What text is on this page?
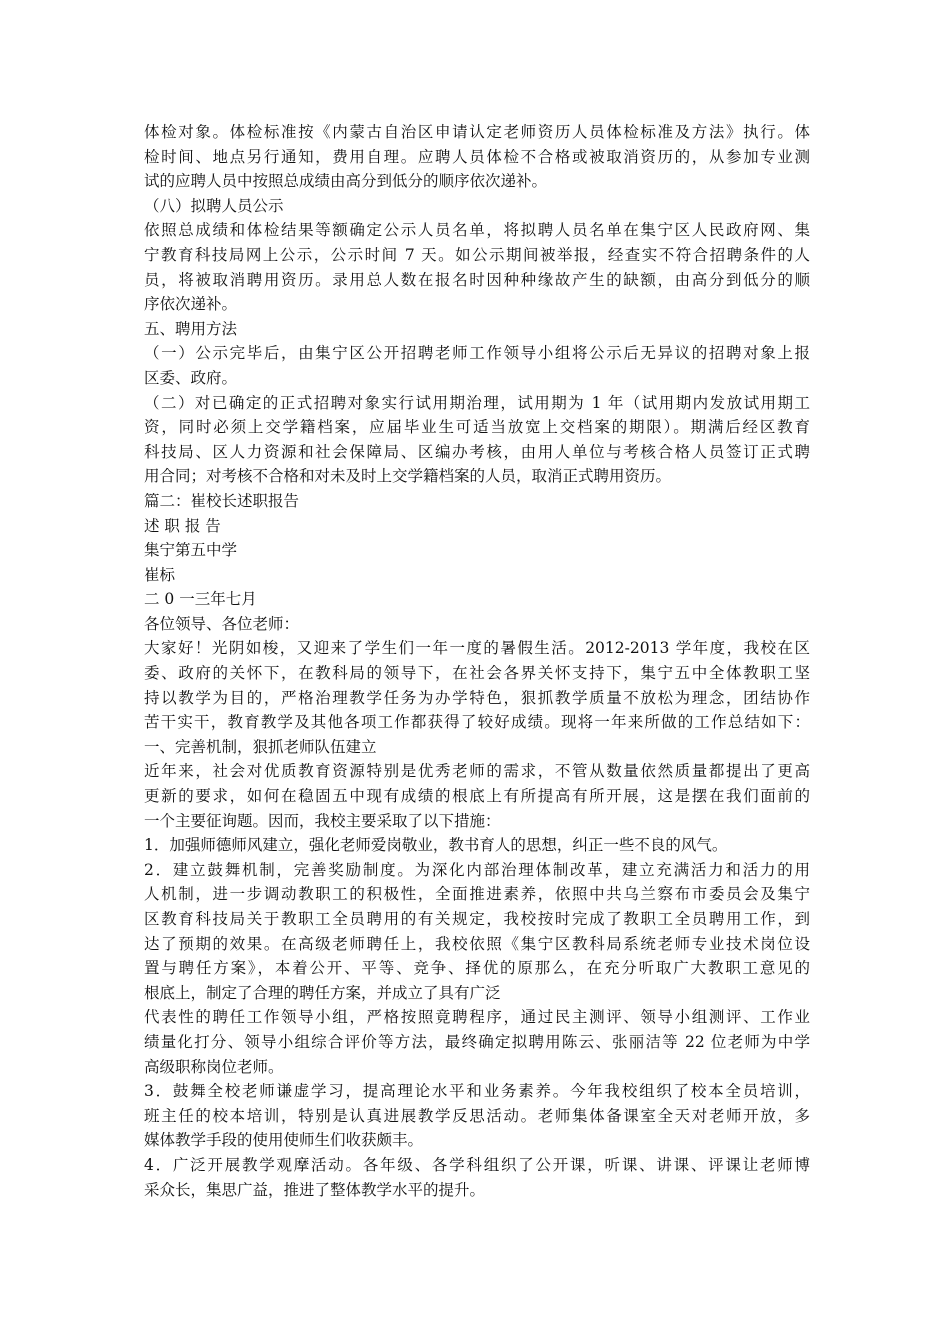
体检对象。体检标准按《内蒙古自治区申请认定老师资历人员体检标准及方法》执行。体
检时间、地点另行通知，费用自理。应聘人员体检不合格或被取消资历的，从参加专业测
试的应聘人员中按照总成绩由高分到低分的顺序依次递补。
（八）拟聘人员公示
依照总成绩和体检结果等额确定公示人员名单，将拟聘人员名单在集宁区人民政府网、集
宁教育科技局网上公示，公示时间 7 天。如公示期间被举报，经查实不符合招聘条件的人
员，将被取消聘用资历。录用总人数在报名时因种种缘故产生的缺额，由高分到低分的顺
序依次递补。
五、聘用方法
（一）公示完毕后，由集宁区公开招聘老师工作领导小组将公示后无异议的招聘对象上报
区委、政府。
（二）对已确定的正式招聘对象实行试用期治理，试用期为 1 年（试用期内发放试用期工
资，同时必须上交学籍档案，应届毕业生可适当放宽上交档案的期限）。期满后经区教育
科技局、区人力资源和社会保障局、区编办考核，由用人单位与考核合格人员签订正式聘
用合同；对考核不合格和对未及时上交学籍档案的人员，取消正式聘用资历。
篇二：崔校长述职报告
述 职 报 告
集宁第五中学
崔标
二 0 一三年七月
各位领导、各位老师：
大家好！光阴如梭，又迎来了学生们一年一度的暑假生活。2012-2013 学年度，我校在区
委、政府的关怀下，在教科局的领导下，在社会各界关怀支持下，集宁五中全体教职工坚
持以教学为目的，严格治理教学任务为办学特色，狠抓教学质量不放松为理念，团结协作
苦干实干，教育教学及其他各项工作都获得了较好成绩。现将一年来所做的工作总结如下：
一、完善机制，狠抓老师队伍建立
近年来，社会对优质教育资源特别是优秀老师的需求，不管从数量依然质量都提出了更高
更新的要求，如何在稳固五中现有成绩的根底上有所提高有所开展，这是摆在我们面前的
一个主要征询题。因而，我校主要采取了以下措施：
1．加强师德师风建立，强化老师爱岗敬业，教书育人的思想，纠正一些不良的风气。
2．建立鼓舞机制，完善奖励制度。为深化内部治理体制改革，建立充满活力和活力的用
人机制，进一步调动教职工的积极性，全面推进素养，依照中共乌兰察布市委员会及集宁
区教育科技局关于教职工全员聘用的有关规定，我校按时完成了教职工全员聘用工作，到
达了预期的效果。在高级老师聘任上，我校依照《集宁区教科局系统老师专业技术岗位设
置与聘任方案》，本着公开、平等、竞争、择优的原那么，在充分听取广大教职工意见的
根底上，制定了合理的聘任方案，并成立了具有广泛
代表性的聘任工作领导小组，严格按照竟聘程序，通过民主测评、领导小组测评、工作业
绩量化打分、领导小组综合评价等方法，最终确定拟聘用陈云、张丽洁等 22 位老师为中学
高级职称岗位老师。
3．鼓舞全校老师谦虚学习，提高理论水平和业务素养。今年我校组织了校本全员培训，
班主任的校本培训，特别是认真进展教学反思活动。老师集体备课室全天对老师开放，多
媒体教学手段的使用使师生们收获颇丰。
4．广泛开展教学观摩活动。各年级、各学科组织了公开课，听课、讲课、评课让老师博
采众长，集思广益，推进了整体教学水平的提升。
